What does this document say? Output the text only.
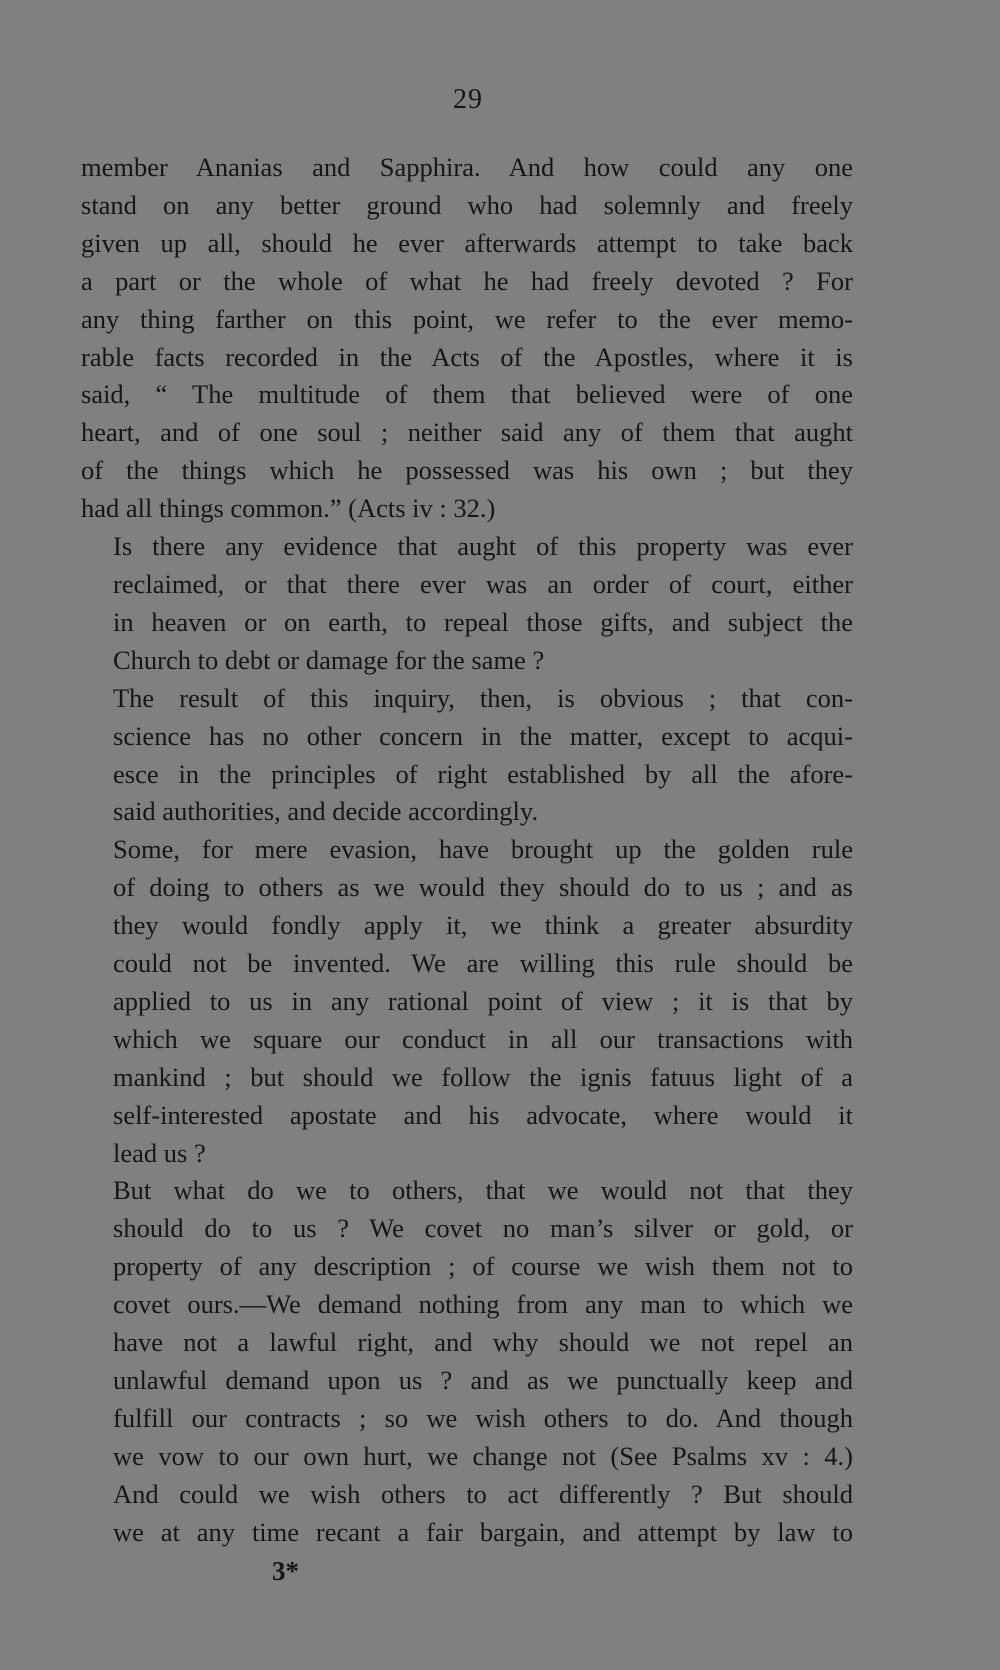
29
member Ananias and Sapphira. And how could any one
stand on any better ground who had solemnly and freely
given up all, should he ever afterwards attempt to take back
a part or the whole of what he had freely devoted ? For
any thing farther on this point, we refer to the ever memo-
rable facts recorded in the Acts of the Apostles, where it is
said, “ The multitude of them that believed were of one
heart, and of one soul ; neither said any of them that aught
of the things which he possessed was his own ; but they
had all things common.” (Acts iv : 32.)
Is there any evidence that aught of this property was ever
reclaimed, or that there ever was an order of court, either
in heaven or on earth, to repeal those gifts, and subject the
Church to debt or damage for the same ?
The result of this inquiry, then, is obvious ; that con-
science has no other concern in the matter, except to acqui-
esce in the principles of right established by all the afore-
said authorities, and decide accordingly.
Some, for mere evasion, have brought up the golden rule
of doing to others as we would they should do to us ; and as
they would fondly apply it, we think a greater absurdity
could not be invented. We are willing this rule should be
applied to us in any rational point of view ; it is that by
which we square our conduct in all our transactions with
mankind ; but should we follow the ignis fatuus light of a
self-interested apostate and his advocate, where would it
lead us ?
But what do we to others, that we would not that they
should do to us ? We covet no man’s silver or gold, or
property of any description ; of course we wish them not to
covet ours.—We demand nothing from any man to which we
have not a lawful right, and why should we not repel an
unlawful demand upon us ? and as we punctually keep and
fulfill our contracts ; so we wish others to do. And though
we vow to our own hurt, we change not (See Psalms xv : 4.)
And could we wish others to act differently ? But should
we at any time recant a fair bargain, and attempt by law to
3*
